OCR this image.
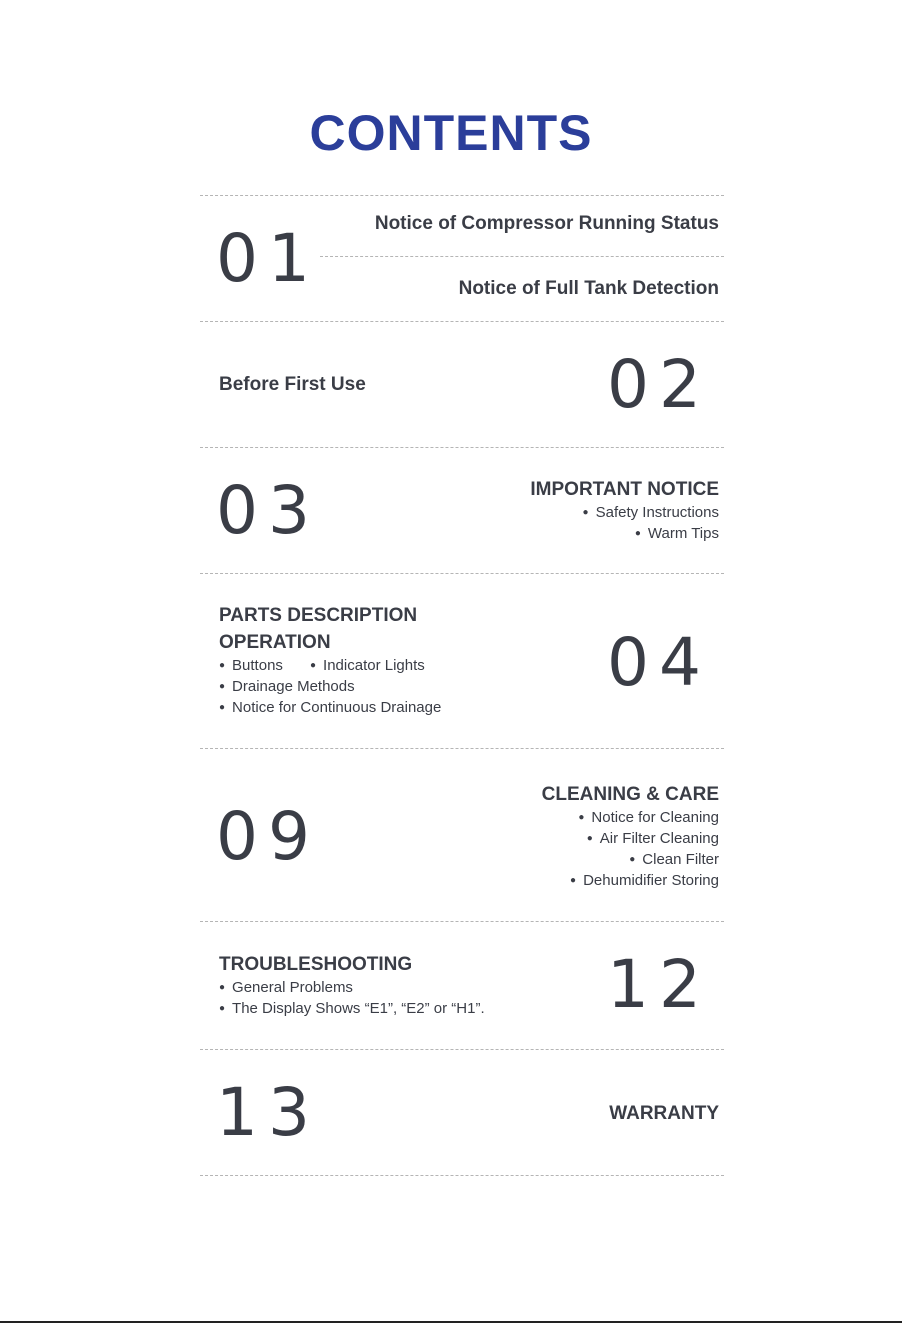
CONTENTS
01	Notice of Compressor Running Status
Notice of Full Tank Detection
Before First Use	02
03	IMPORTANT NOTICE
● Safety Instructions
● Warm Tips
PARTS DESCRIPTION
OPERATION
● Buttons
●	Indicator Lights
● Drainage Methods
● Notice for Continuous Drainage
04
09
CLEANING & CARE
● Notice for Cleaning
● Air Filter Cleaning
● Clean Filter
● Dehumidifier Storing
TROUBLESHOOTING
● General Problems
● The Display Shows “E1”, “E2” or “H1”. 12
13	WARRANTY
